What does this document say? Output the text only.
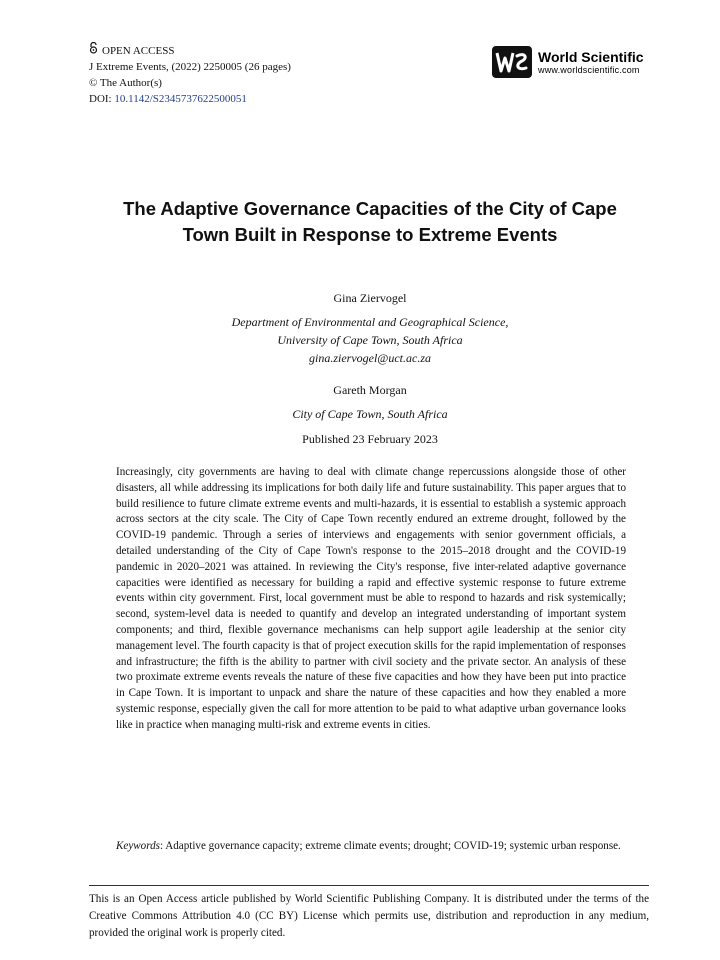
OPEN ACCESS
J Extreme Events, (2022) 2250005 (26 pages)
© The Author(s)
DOI: 10.1142/S2345737622500051
World Scientific
www.worldscientific.com
The Adaptive Governance Capacities of the City of Cape Town Built in Response to Extreme Events

Gina Ziervogel

Department of Environmental and Geographical Science,

University of Cape Town, South Africa

gina.ziervogel@uct.ac.za

Gareth Morgan

City of Cape Town, South Africa

Published 23 February 2023
Increasingly, city governments are having to deal with climate change repercussions alongside those of other disasters, all while addressing its implications for both daily life and future sustainability. This paper argues that to build resilience to future climate extreme events and multi-hazards, it is essential to establish a systemic approach across sectors at the city scale. The City of Cape Town recently endured an extreme drought, followed by the COVID-19 pandemic. Through a series of interviews and engagements with senior government officials, a detailed understanding of the City of Cape Town's response to the 2015–2018 drought and the COVID-19 pandemic in 2020–2021 was attained. In reviewing the City's response, five inter-related adaptive governance capacities were identified as necessary for building a rapid and effective systemic response to future extreme events within city government. First, local government must be able to respond to hazards and risk systemically; second, system-level data is needed to quantify and develop an integrated understanding of important system components; and third, flexible governance mechanisms can help support agile leadership at the senior city management level. The fourth capacity is that of project execution skills for the rapid implementation of responses and infrastructure; the fifth is the ability to partner with civil society and the private sector. An analysis of these two proximate extreme events reveals the nature of these five capacities and how they have been put into practice in Cape Town. It is important to unpack and share the nature of these capacities and how they enabled a more systemic response, especially given the call for more attention to be paid to what adaptive urban governance looks like in practice when managing multi-risk and extreme events in cities.
Keywords: Adaptive governance capacity; extreme climate events; drought; COVID-19; systemic urban response.
This is an Open Access article published by World Scientific Publishing Company. It is distributed under the terms of the Creative Commons Attribution 4.0 (CC BY) License which permits use, distribution and reproduction in any medium, provided the original work is properly cited.
